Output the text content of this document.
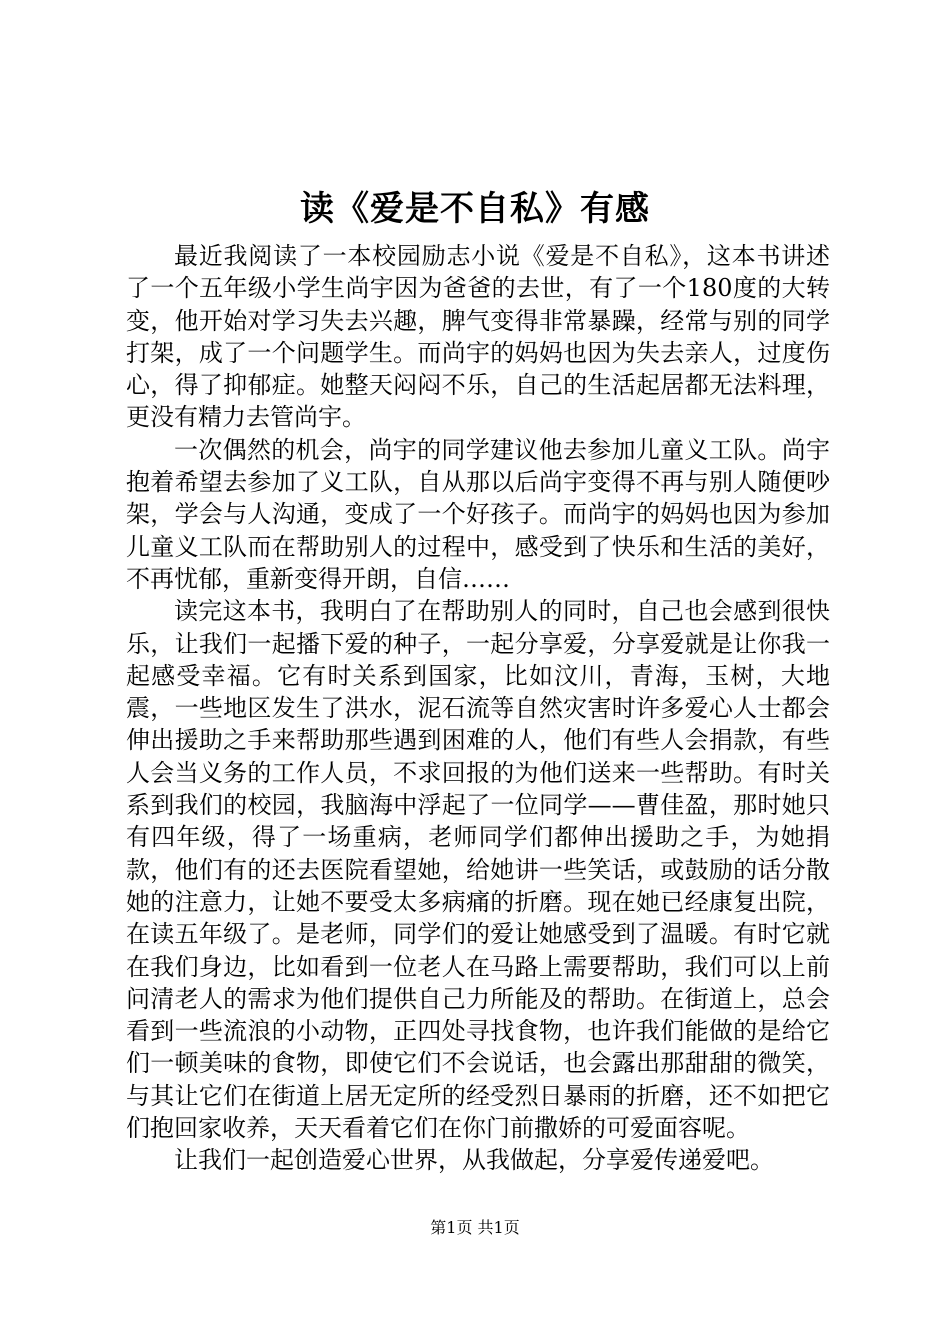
读《爱是不自私》有感

最近我阅读了一本校园励志小说《爱是不自私》，这本书讲述了一个五年级小学生尚宇因为爸爸的去世，有了一个180度的大转变，他开始对学习失去兴趣，脾气变得非常暴躁，经常与别的同学打架，成了一个问题学生。而尚宇的妈妈也因为失去亲人，过度伤心，得了抑郁症。她整天闷闷不乐，自己的生活起居都无法料理，更没有精力去管尚宇。

一次偶然的机会，尚宇的同学建议他去参加儿童义工队。尚宇抱着希望去参加了义工队，自从那以后尚宇变得不再与别人随便吵架，学会与人沟通，变成了一个好孩子。而尚宇的妈妈也因为参加儿童义工队而在帮助别人的过程中，感受到了快乐和生活的美好，不再忧郁，重新变得开朗，自信……

读完这本书，我明白了在帮助别人的同时，自己也会感到很快乐，让我们一起播下爱的种子，一起分享爱，分享爱就是让你我一起感受幸福。它有时关系到国家，比如汶川，青海，玉树，大地震，一些地区发生了洪水，泥石流等自然灾害时许多爱心人士都会伸出援助之手来帮助那些遇到困难的人，他们有些人会捐款，有些人会当义务的工作人员，不求回报的为他们送来一些帮助。有时关系到我们的校园，我脑海中浮起了一位同学——曹佳盈，那时她只有四年级，得了一场重病，老师同学们都伸出援助之手，为她捐款，他们有的还去医院看望她，给她讲一些笑话，或鼓励的话分散她的注意力，让她不要受太多病痛的折磨。现在她已经康复出院，在读五年级了。是老师，同学们的爱让她感受到了温暖。有时它就在我们身边，比如看到一位老人在马路上需要帮助，我们可以上前问清老人的需求为他们提供自己力所能及的帮助。在街道上，总会看到一些流浪的小动物，正四处寻找食物，也许我们能做的是给它们一顿美味的食物，即使它们不会说话，也会露出那甜甜的微笑，与其让它们在街道上居无定所的经受烈日暴雨的折磨，还不如把它们抱回家收养，天天看着它们在你门前撒娇的可爱面容呢。

让我们一起创造爱心世界，从我做起，分享爱传递爱吧。

第1页 共1页
